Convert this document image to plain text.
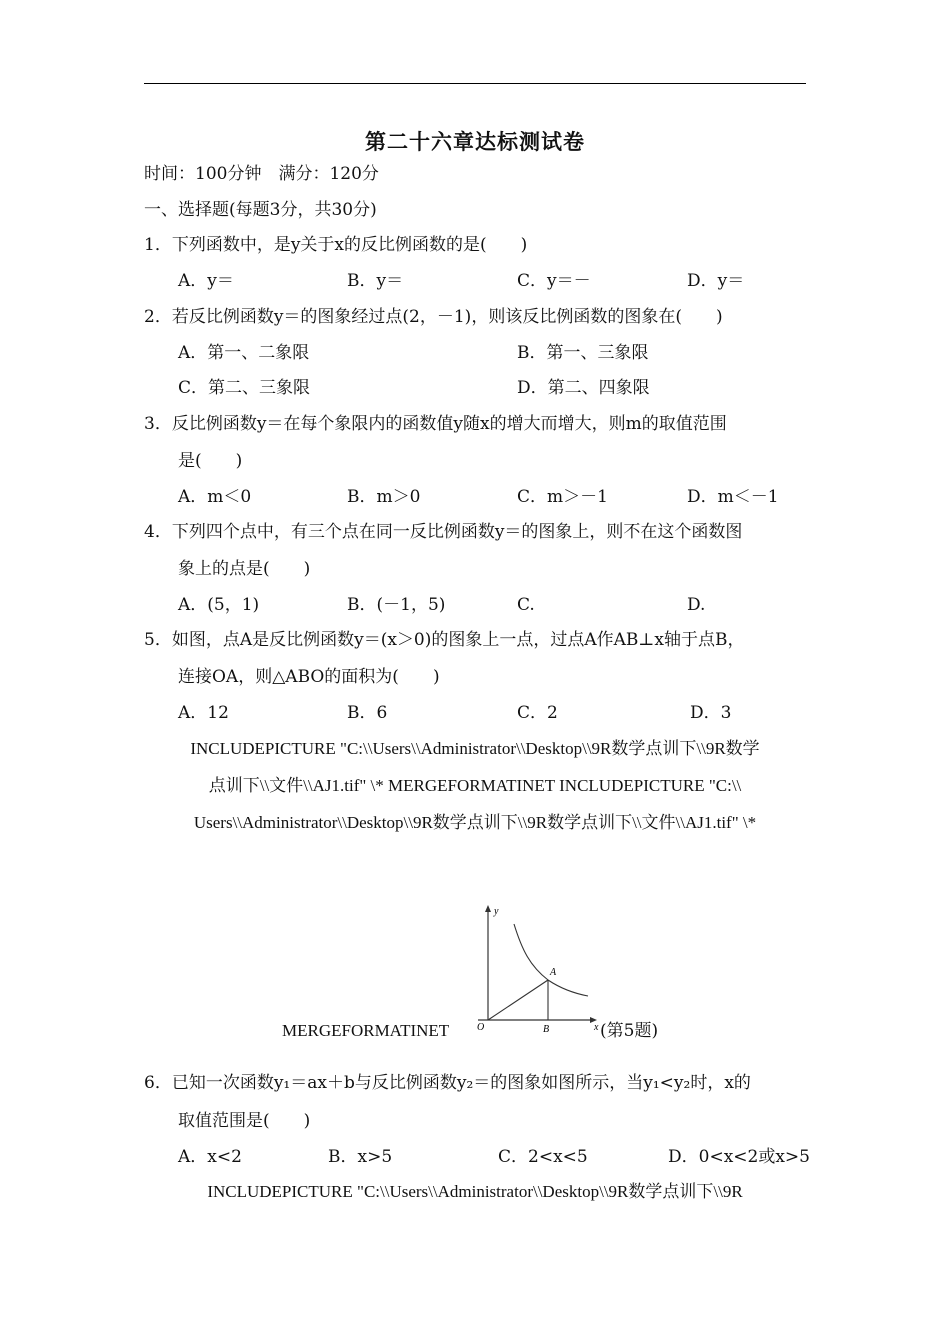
第二十六章达标测试卷
时间：100分钟　满分：120分
一、选择题(每题3分，共30分)
1．下列函数中，是y关于x的反比例函数的是(　　)
A．y＝	B．y＝	C．y＝－	D．y＝
2．若反比例函数y＝的图象经过点(2，－1)，则该反比例函数的图象在(　　)
A．第一、二象限	B．第一、三象限
C．第二、三象限	D．第二、四象限
3．反比例函数y＝在每个象限内的函数值y随x的增大而增大，则m的取值范围
是(　　)
A．m＜0	B．m＞0	C．m＞－1	D．m＜－1
4．下列四个点中，有三个点在同一反比例函数y＝的图象上，则不在这个函数图
象上的点是(　　)
A．(5，1)	B．(－1，5)	C.	D.
5．如图，点A是反比例函数y＝(x＞0)的图象上一点，过点A作AB⊥x轴于点B，
连接OA，则△ABO的面积为(　　)
A．12	B．6	C．2	D．3
INCLUDEPICTURE "C:\\Users\\Administrator\\Desktop\\9R数学点训下\\9R数学
点训下\\文件\\AJ1.tif" \* MERGEFORMATINET INCLUDEPICTURE "C:\\
Users\\Administrator\\Desktop\\9R数学点训下\\9R数学点训下\\文件\\AJ1.tif" \*
MERGEFORMATINET
y
O
A
B	x (第5题)
6．已知一次函数y₁＝ax＋b与反比例函数y₂＝的图象如图所示，当y₁<y₂时，x的
取值范围是(　　)
A．x<2	B．x>5	C．2<x<5	D．0<x<2或x>5
INCLUDEPICTURE "C:\\Users\\Administrator\\Desktop\\9R数学点训下\\9R
